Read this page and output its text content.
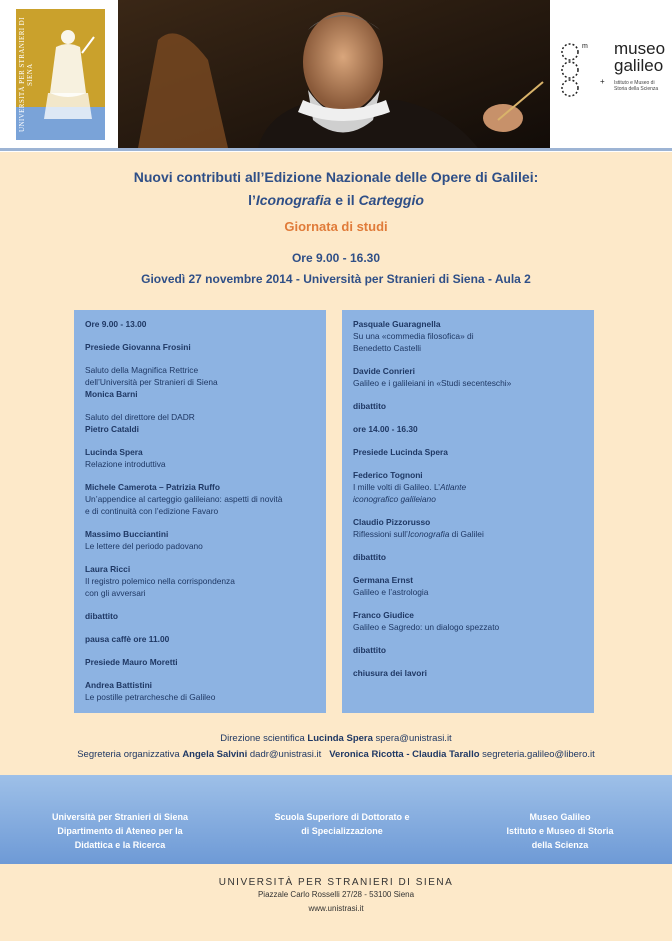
UNIVERSITÀ PER STRANIERI DI SIENA
m
+
museo
galileo
Istituto e Museo di Storia della Scienza
Nuovi contributi all’Edizione Nazionale delle Opere di Galilei:
l’Iconografia e il Carteggio
Giornata di studi
Ore 9.00 - 16.30
Giovedì 27 novembre 2014 - Università per Stranieri di Siena - Aula 2
Ore 9.00 - 13.00
Presiede Giovanna Frosini
Saluto della Magnifica Rettrice
dell’Università per Stranieri di Siena
Monica Barni
Saluto del direttore del DADR
Pietro Cataldi
Lucinda Spera
Relazione introduttiva
Michele Camerota – Patrizia Ruffo
Un’appendice al carteggio galileiano: aspetti di novità
e di continuità con l’edizione Favaro
Massimo Bucciantini
Le lettere del periodo padovano
Laura Ricci
Il registro polemico nella corrispondenza
con gli avversari
dibattito
pausa caffè ore 11.00
Presiede Mauro Moretti
Andrea Battistini
Le postille petrarchesche di Galileo
Pasquale Guaragnella
Su una «commedia filosofica» di
Benedetto Castelli
Davide Conrieri
Galileo e i galileiani in «Studi secenteschi»
dibattito
ore 14.00 - 16.30
Presiede Lucinda Spera
Federico Tognoni
I mille volti di Galileo. L’Atlante
iconografico galileiano
Claudio Pizzorusso
Riflessioni sull’Iconografia di Galilei
dibattito
Germana Ernst
Galileo e l’astrologia
Franco Giudice
Galileo e Sagredo: un dialogo spezzato
dibattito
chiusura dei lavori
Direzione scientifica Lucinda Spera spera@unistrasi.it
Segreteria organizzativa Angela Salvini dadr@unistrasi.it   Veronica Ricotta - Claudia Tarallo segreteria.galileo@libero.it
Università per Stranieri di Siena
Dipartimento di Ateneo per la
Didattica e la Ricerca
Scuola Superiore di Dottorato e
di Specializzazione
Museo Galileo
Istituto e Museo di Storia
della Scienza
UNIVERSITÀ PER STRANIERI DI SIENA
Piazzale Carlo Rosselli 27/28 - 53100 Siena
www.unistrasi.it
